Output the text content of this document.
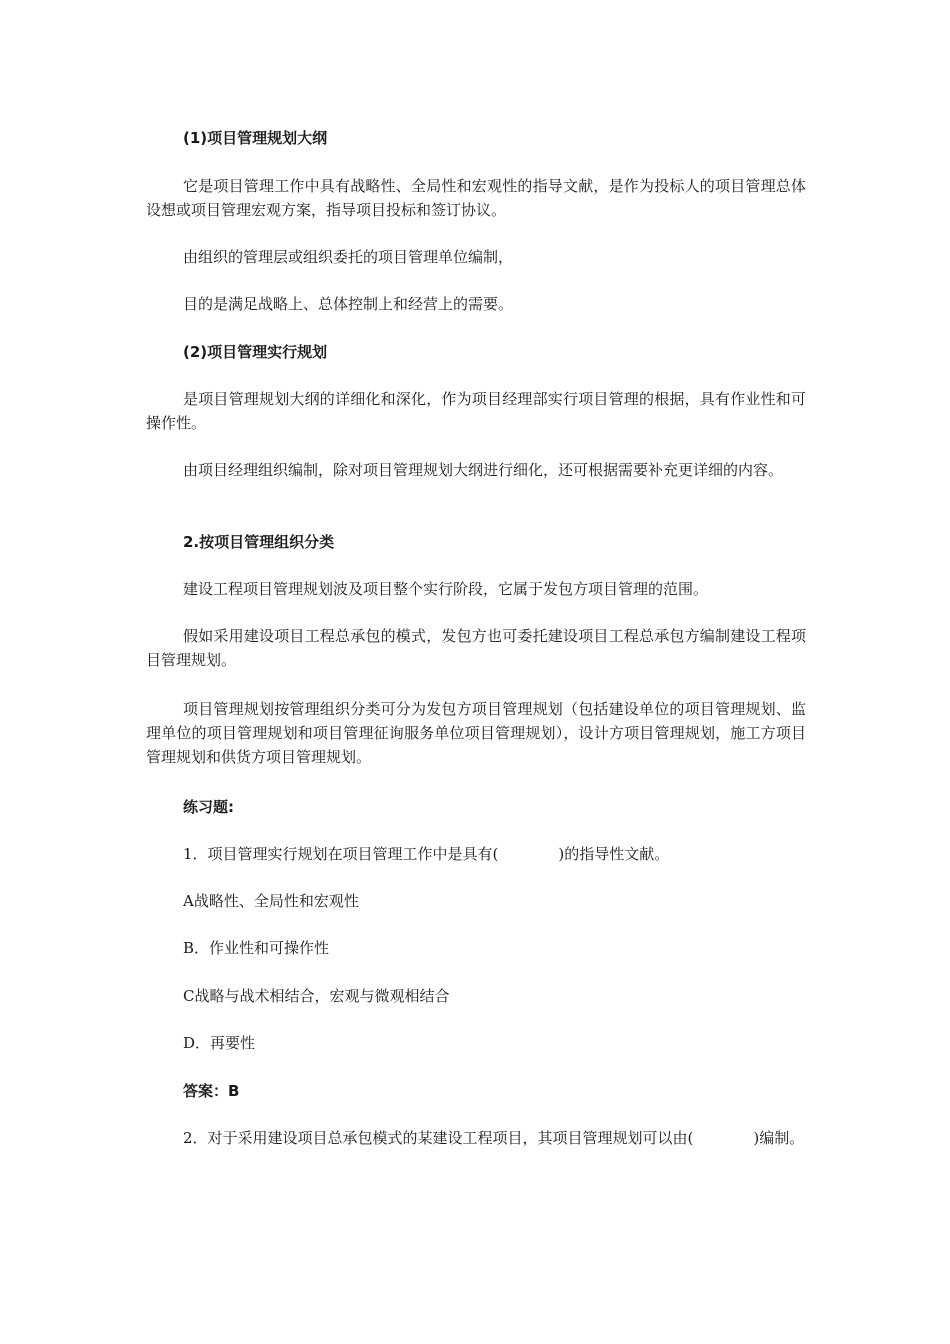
(1)项目管理规划大纲

它是项目管理工作中具有战略性、全局性和宏观性的指导文献，是作为投标人的项目管理总体设想或项目管理宏观方案，指导项目投标和签订协议。

由组织的管理层或组织委托的项目管理单位编制，

目的是满足战略上、总体控制上和经营上的需要。

(2)项目管理实行规划

是项目管理规划大纲的详细化和深化，作为项目经理部实行项目管理的根据，具有作业性和可操作性。

由项目经理组织编制，除对项目管理规划大纲进行细化，还可根据需要补充更详细的内容。

2.按项目管理组织分类

建设工程项目管理规划波及项目整个实行阶段，它属于发包方项目管理的范围。

假如采用建设项目工程总承包的模式，发包方也可委托建设项目工程总承包方编制建设工程项目管理规划。

项目管理规划按管理组织分类可分为发包方项目管理规划（包括建设单位的项目管理规划、监理单位的项目管理规划和项目管理征询服务单位项目管理规划），设计方项目管理规划，施工方项目管理规划和供货方项目管理规划。

练习题:

1．项目管理实行规划在项目管理工作中是具有(　　　　)的指导性文献。

A战略性、全局性和宏观性

B．作业性和可操作性

C战略与战术相结合，宏观与微观相结合

D．再要性

答案：B

2．对于采用建设项目总承包模式的某建设工程项目，其项目管理规划可以由(　　　　)编制。
